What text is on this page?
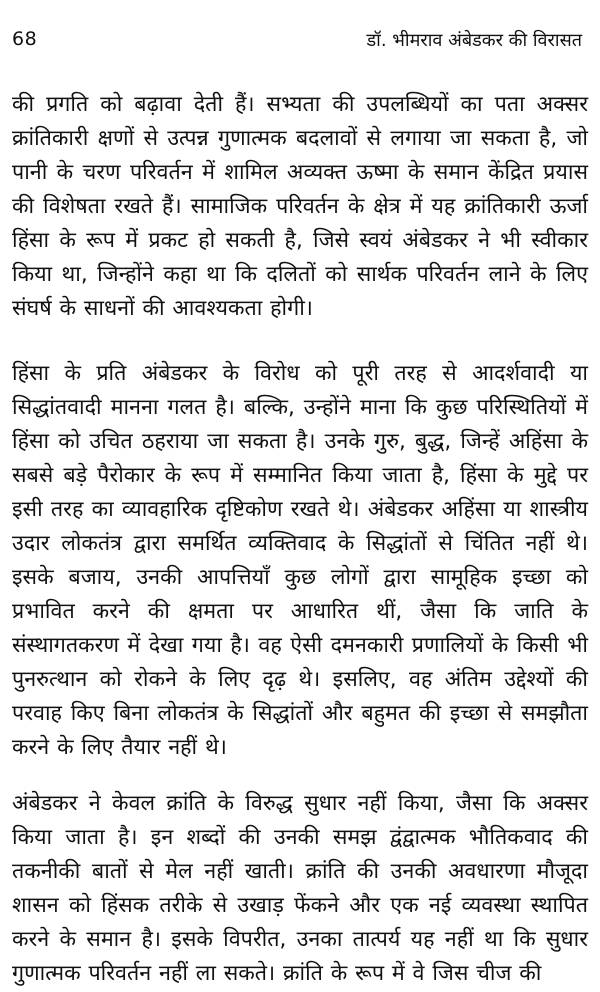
68	डॉ. भीमराव अंबेडकर की विरासत

की प्रगति को बढ़ावा देती हैं। सभ्यता की उपलब्धियों का पता अक्सर क्रांतिकारी क्षणों से उत्पन्न गुणात्मक बदलावों से लगाया जा सकता है, जो पानी के चरण परिवर्तन में शामिल अव्यक्त ऊष्मा के समान केंद्रित प्रयास की विशेषता रखते हैं। सामाजिक परिवर्तन के क्षेत्र में यह क्रांतिकारी ऊर्जा हिंसा के रूप में प्रकट हो सकती है, जिसे स्वयं अंबेडकर ने भी स्वीकार किया था, जिन्होंने कहा था कि दलितों को सार्थक परिवर्तन लाने के लिए संघर्ष के साधनों की आवश्यकता होगी।

हिंसा के प्रति अंबेडकर के विरोध को पूरी तरह से आदर्शवादी या सिद्धांतवादी मानना गलत है। बल्कि, उन्होंने माना कि कुछ परिस्थितियों में हिंसा को उचित ठहराया जा सकता है। उनके गुरु, बुद्ध, जिन्हें अहिंसा के सबसे बड़े पैरोकार के रूप में सम्मानित किया जाता है, हिंसा के मुद्दे पर इसी तरह का व्यावहारिक दृष्टिकोण रखते थे। अंबेडकर अहिंसा या शास्त्रीय उदार लोकतंत्र द्वारा समर्थित व्यक्तिवाद के सिद्धांतों से चिंतित नहीं थे। इसके बजाय, उनकी आपत्तियाँ कुछ लोगों द्वारा सामूहिक इच्छा को प्रभावित करने की क्षमता पर आधारित थीं, जैसा कि जाति के संस्थागतकरण में देखा गया है। वह ऐसी दमनकारी प्रणालियों के किसी भी पुनरुत्थान को रोकने के लिए दृढ़ थे। इसलिए, वह अंतिम उद्देश्यों की परवाह किए बिना लोकतंत्र के सिद्धांतों और बहुमत की इच्छा से समझौता करने के लिए तैयार नहीं थे।

अंबेडकर ने केवल क्रांति के विरुद्ध सुधार नहीं किया, जैसा कि अक्सर किया जाता है। इन शब्दों की उनकी समझ द्वंद्वात्मक भौतिकवाद की तकनीकी बातों से मेल नहीं खाती। क्रांति की उनकी अवधारणा मौजूदा शासन को हिंसक तरीके से उखाड़ फेंकने और एक नई व्यवस्था स्थापित करने के समान है। इसके विपरीत, उनका तात्पर्य यह नहीं था कि सुधार गुणात्मक परिवर्तन नहीं ला सकते। क्रांति के रूप में वे जिस चीज की
